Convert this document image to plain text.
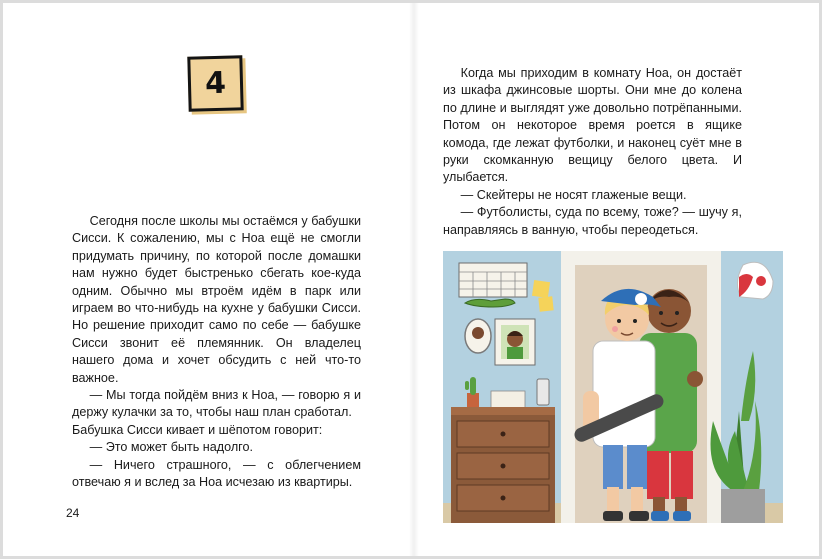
4

Сегодня после школы мы остаёмся у бабушки Сисси. К сожалению, мы с Ноа ещё не смогли придумать причину, по которой после домашки нам нужно будет быстренько сбегать кое-куда одним. Обычно мы втроём идём в парк или играем во что-нибудь на кухне у бабушки Сисси. Но решение приходит само по себе — бабушке Сисси звонит её племянник. Он владелец нашего дома и хочет обсудить с ней что-то важное.

— Мы тогда пойдём вниз к Ноа, — говорю я и держу кулачки за то, чтобы наш план сработал.

Бабушка Сисси кивает и шёпотом говорит:

— Это может быть надолго.

— Ничего страшного, — с облегчением отвечаю я и вслед за Ноа исчезаю из квартиры.

24

Когда мы приходим в комнату Ноа, он достаёт из шкафа джинсовые шорты. Они мне до колена по длине и выглядят уже довольно потрёпанными. Потом он некоторое время роется в ящике комода, где лежат футболки, и наконец суёт мне в руки скомканную вещицу белого цвета. И улыбается.

— Скейтеры не носят глаженые вещи.

— Футболисты, суда по всему, тоже? — шучу я, направляясь в ванную, чтобы переодеться.
